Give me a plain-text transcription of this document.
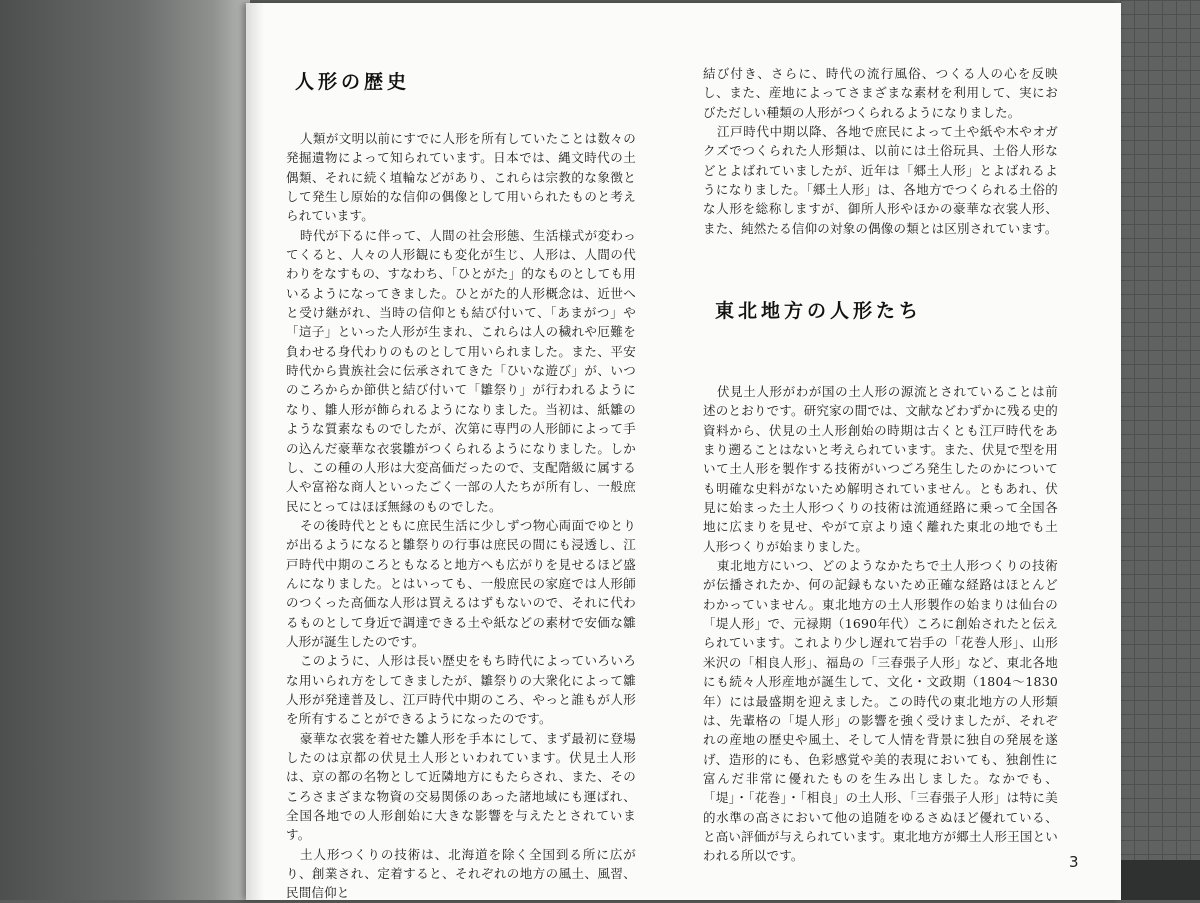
人形の歴史

人類が文明以前にすでに人形を所有していたことは数々の発掘遺物によって知られています。日本では、縄文時代の土偶類、それに続く埴輪などがあり、これらは宗教的な象徴として発生し原始的な信仰の偶像として用いられたものと考えられています。

時代が下るに伴って、人間の社会形態、生活様式が変わってくると、人々の人形観にも変化が生じ、人形は、人間の代わりをなすもの、すなわち、「ひとがた」的なものとしても用いるようになってきました。ひとがた的人形概念は、近世へと受け継がれ、当時の信仰とも結び付いて、「あまがつ」や「這子」といった人形が生まれ、これらは人の穢れや厄難を負わせる身代わりのものとして用いられました。また、平安時代から貴族社会に伝承されてきた「ひいな遊び」が、いつのころからか節供と結び付いて「雛祭り」が行われるようになり、雛人形が飾られるようになりました。当初は、紙雛のような質素なものでしたが、次第に専門の人形師によって手の込んだ豪華な衣裳雛がつくられるようになりました。しかし、この種の人形は大変高価だったので、支配階級に属する人や富裕な商人といったごく一部の人たちが所有し、一般庶民にとってはほぼ無縁のものでした。

その後時代とともに庶民生活に少しずつ物心両面でゆとりが出るようになると雛祭りの行事は庶民の間にも浸透し、江戸時代中期のころともなると地方へも広がりを見せるほど盛んになりました。とはいっても、一般庶民の家庭では人形師のつくった高価な人形は買えるはずもないので、それに代わるものとして身近で調達できる土や紙などの素材で安価な雛人形が誕生したのです。

このように、人形は長い歴史をもち時代によっていろいろな用いられ方をしてきましたが、雛祭りの大衆化によって雛人形が発達普及し、江戸時代中期のころ、やっと誰もが人形を所有することができるようになったのです。

豪華な衣裳を着せた雛人形を手本にして、まず最初に登場したのは京都の伏見土人形といわれています。伏見土人形は、京の都の名物として近隣地方にもたらされ、また、そのころさまざまな物資の交易関係のあった諸地域にも運ばれ、全国各地での人形創始に大きな影響を与えたとされています。

土人形つくりの技術は、北海道を除く全国到る所に広がり、創業され、定着すると、それぞれの地方の風土、風習、民間信仰と

結び付き、さらに、時代の流行風俗、つくる人の心を反映し、また、産地によってさまざまな素材を利用して、実におびただしい種類の人形がつくられるようになりました。

江戸時代中期以降、各地で庶民によって土や紙や木やオガクズでつくられた人形類は、以前には土俗玩具、土俗人形などとよばれていましたが、近年は「郷土人形」とよばれるようになりました。「郷土人形」は、各地方でつくられる土俗的な人形を総称しますが、御所人形やほかの豪華な衣裳人形、また、純然たる信仰の対象の偶像の類とは区別されています。

東北地方の人形たち

伏見土人形がわが国の土人形の源流とされていることは前述のとおりです。研究家の間では、文献などわずかに残る史的資料から、伏見の土人形創始の時期は古くとも江戸時代をあまり遡ることはないと考えられています。また、伏見で型を用いて土人形を製作する技術がいつごろ発生したのかについても明確な史料がないため解明されていません。ともあれ、伏見に始まった土人形つくりの技術は流通経路に乗って全国各地に広まりを見せ、やがて京より遠く離れた東北の地でも土人形つくりが始まりました。

東北地方にいつ、どのようなかたちで土人形つくりの技術が伝播されたか、何の記録もないため正確な経路はほとんどわかっていません。東北地方の土人形製作の始まりは仙台の「堤人形」で、元禄期（1690年代）ころに創始されたと伝えられています。これより少し遅れて岩手の「花巻人形」、山形米沢の「相良人形」、福島の「三春張子人形」など、東北各地にも続々人形産地が誕生して、文化・文政期（1804〜1830年）には最盛期を迎えました。この時代の東北地方の人形類は、先輩格の「堤人形」の影響を強く受けましたが、それぞれの産地の歴史や風土、そして人情を背景に独自の発展を遂げ、造形的にも、色彩感覚や美的表現においても、独創性に富んだ非常に優れたものを生み出しました。なかでも、「堤」・「花巻」・「相良」の土人形、「三春張子人形」は特に美的水準の高さにおいて他の追随をゆるさぬほど優れている、と高い評価が与えられています。東北地方が郷土人形王国といわれる所以です。	3
